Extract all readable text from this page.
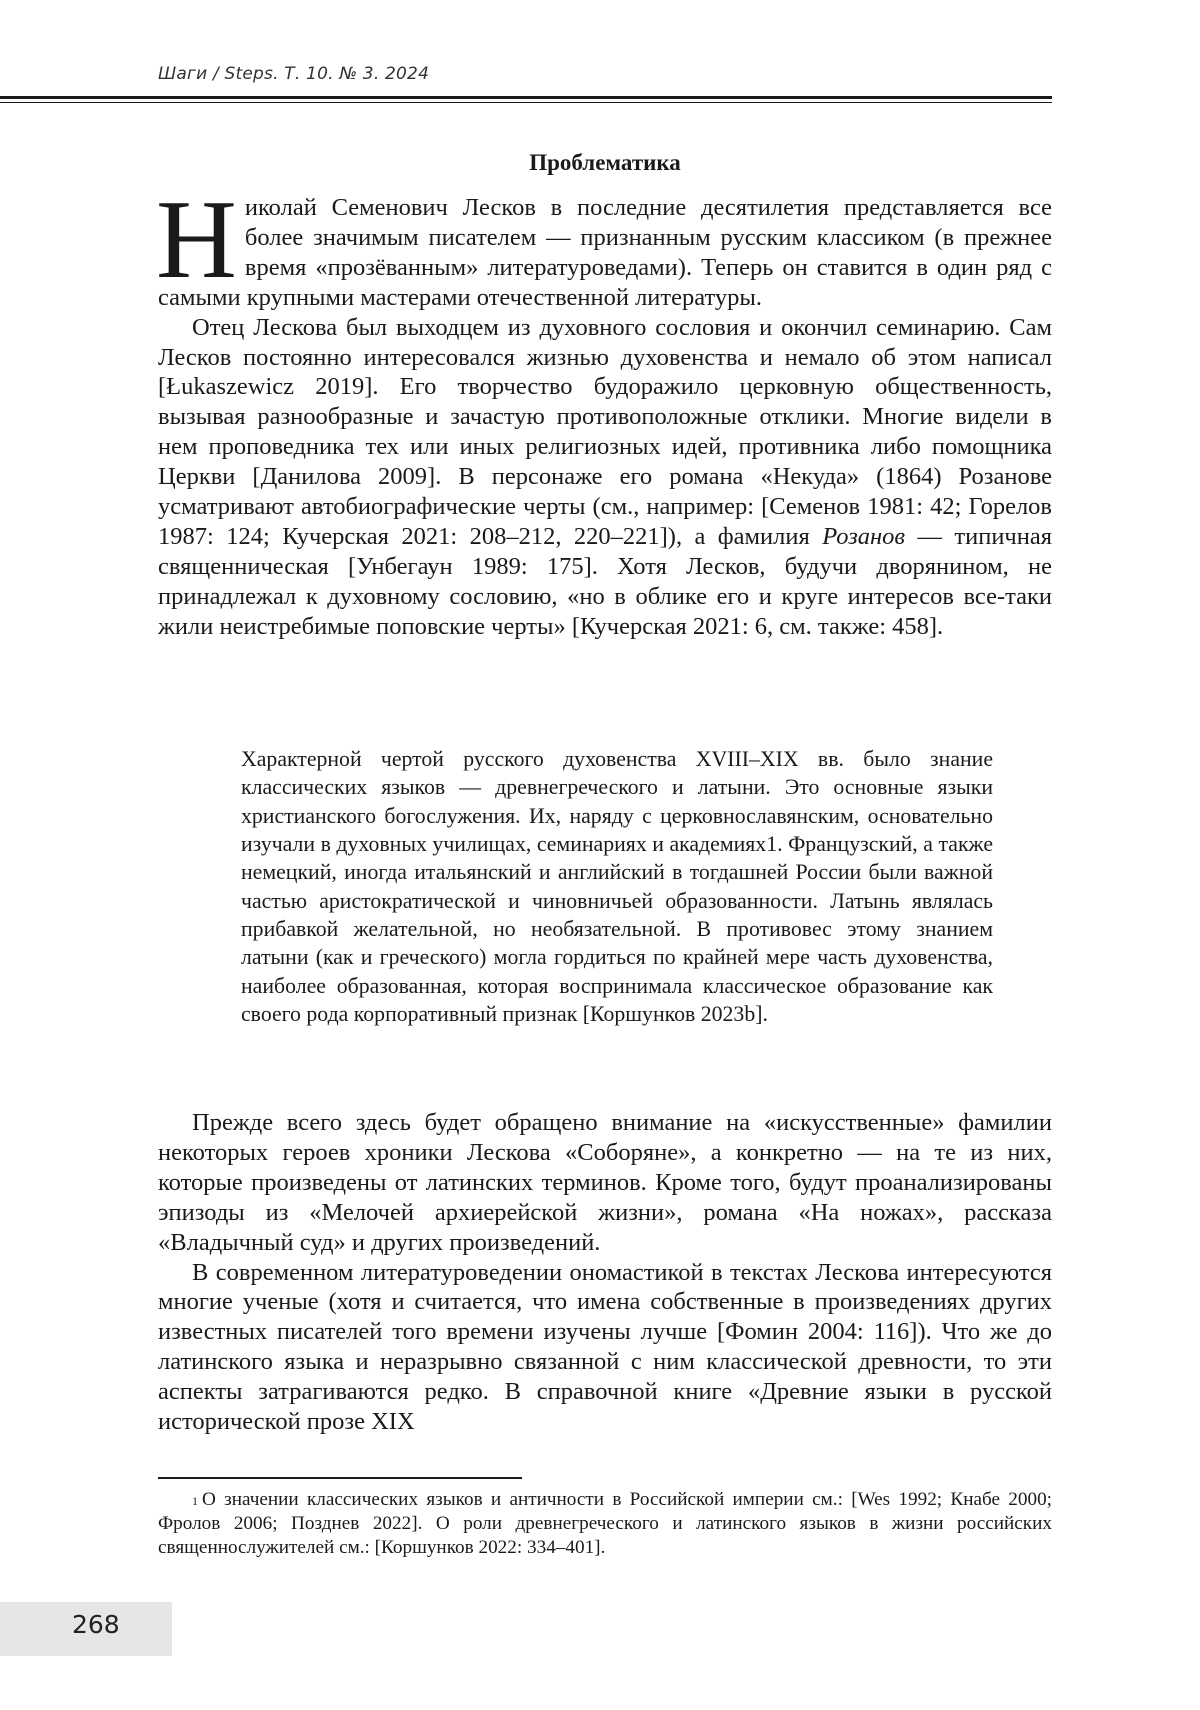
Шаги / Steps. Т. 10. № 3. 2024
Проблематика

Н иколай Семенович Лесков в последние десятилетия представляется все более значимым писателем — признанным русским классиком (в прежнее время «прозёванным» литературоведами). Теперь он ставится в один ряд с самыми крупными мастерами отечественной литературы.

Отец Лескова был выходцем из духовного сословия и окончил семинарию. Сам Лесков постоянно интересовался жизнью духовенства и немало об этом написал [Łukaszewicz 2019]. Его творчество будоражило церковную общественность, вызывая разнообразные и зачастую противоположные отклики. Многие видели в нем проповедника тех или иных религиозных идей, противника либо помощника Церкви [Данилова 2009]. В персонаже его романа «Некуда» (1864) Розанове усматривают автобиографические черты (см., например: [Семенов 1981: 42; Горелов 1987: 124; Кучерская 2021: 208–212, 220–221]), а фамилия Розанов — типичная священническая [Унбегаун 1989: 175]. Хотя Лесков, будучи дворянином, не принадлежал к духовному сословию, «но в облике его и круге интересов все-таки жили неистребимые поповские черты» [Кучерская 2021: 6, см. также: 458].

Характерной чертой русского духовенства XVIII–XIX вв. было знание классических языков — древнегреческого и латыни. Это основные языки христианского богослужения. Их, наряду с церковнославянским, основательно изучали в духовных училищах, семинариях и академиях1. Французский, а также немецкий, иногда итальянский и английский в тогдашней России были важной частью аристократической и чиновничьей образованности. Латынь являлась прибавкой желательной, но необязательной. В противовес этому знанием латыни (как и греческого) могла гордиться по крайней мере часть духовенства, наиболее образованная, которая воспринимала классическое образование как своего рода корпоративный признак [Коршунков 2023b].

Прежде всего здесь будет обращено внимание на «искусственные» фамилии некоторых героев хроники Лескова «Соборяне», а конкретно — на те из них, которые произведены от латинских терминов. Кроме того, будут проанализированы эпизоды из «Мелочей архиерейской жизни», романа «На ножах», рассказа «Владычный суд» и других произведений.

В современном литературоведении ономастикой в текстах Лескова интересуются многие ученые (хотя и считается, что имена собственные в произведениях других известных писателей того времени изучены лучше [Фомин 2004: 116]). Что же до латинского языка и неразрывно связанной с ним классической древности, то эти аспекты затрагиваются редко. В справочной книге «Древние языки в русской исторической прозе XIX

1 О значении классических языков и античности в Российской империи см.: [Wes 1992; Кнабе 2000; Фролов 2006; Позднев 2022]. О роли древнегреческого и латинского языков в жизни российских священнослужителей см.: [Коршунков 2022: 334–401].

268
